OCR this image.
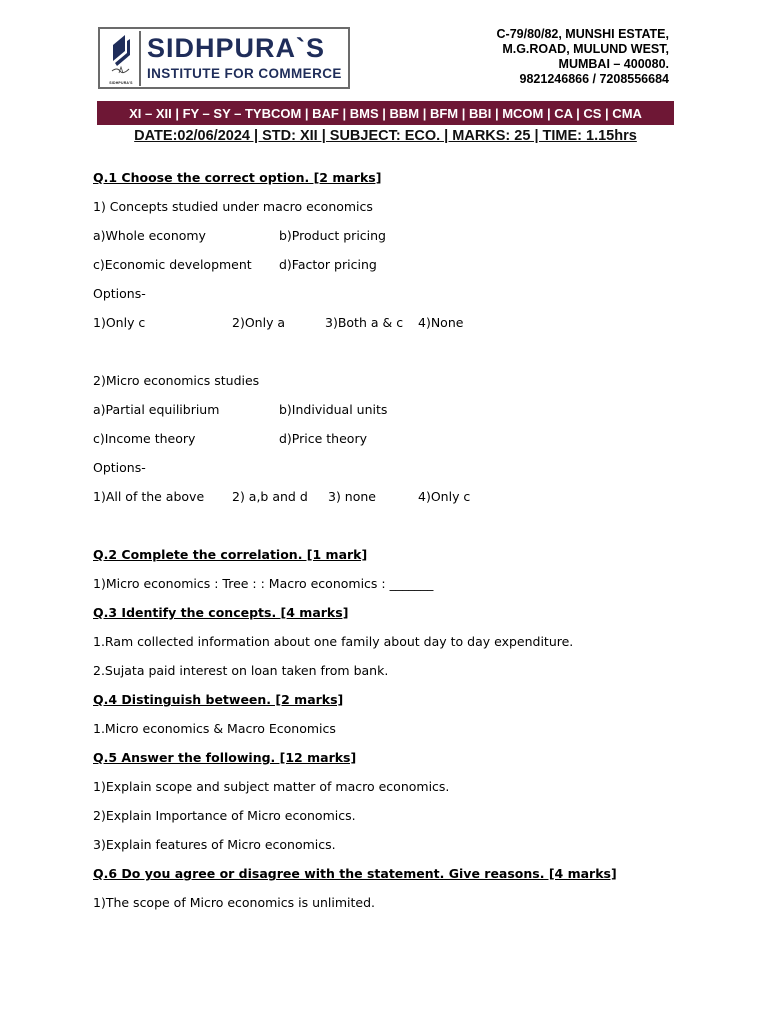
SIDHPURA'S
SIDHPURA`S
INSTITUTE FOR COMMERCE
C-79/80/82, MUNSHI ESTATE,
M.G.ROAD, MULUND WEST,
MUMBAI – 400080.
9821246866 / 7208556684
XI – XII | FY – SY – TYBCOM | BAF | BMS | BBM | BFM | BBI | MCOM | CA | CS | CMA
DATE:02/06/2024 | STD: XII | SUBJECT: ECO. | MARKS: 25 | TIME: 1.15hrs
Q.1 Choose the correct option. [2 marks]
1) Concepts studied under macro economics
a)Whole economy	b)Product pricing
c)Economic development d)Factor pricing
Options-
1)Only c	2)Only a	3)Both a & c 4)None
2)Micro economics studies
a)Partial equilibrium	b)Individual units
c)Income theory	d)Price theory
Options-
1)All of the above 2) a,b and d 3) none	4)Only c
Q.2 Complete the correlation. [1 mark]
1)Micro economics : Tree : : Macro economics : _______
Q.3 Identify the concepts. [4 marks]
1.Ram collected information about one family about day to day expenditure.
2.Sujata paid interest on loan taken from bank.
Q.4 Distinguish between. [2 marks]
1.Micro economics & Macro Economics
Q.5 Answer the following. [12 marks]
1)Explain scope and subject matter of macro economics.
2)Explain Importance of Micro economics.
3)Explain features of Micro economics.
Q.6 Do you agree or disagree with the statement. Give reasons. [4 marks]
1)The scope of Micro economics is unlimited.
